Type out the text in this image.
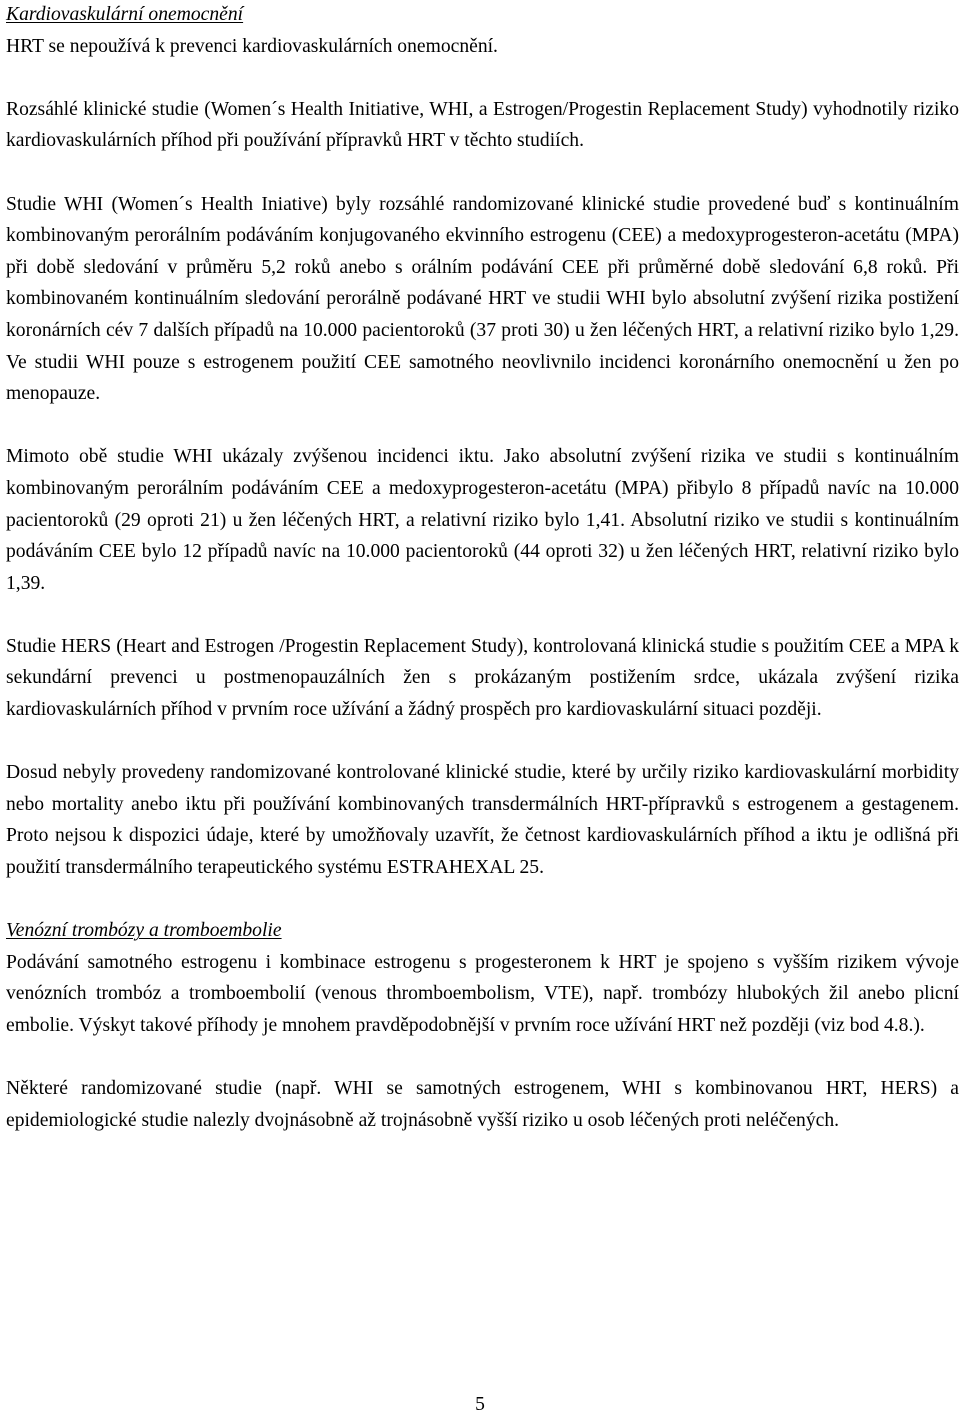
Kardiovaskulární onemocnění

HRT se nepoužívá k prevenci kardiovaskulárních onemocnění.

Rozsáhlé klinické studie (Women´s Health Initiative, WHI, a Estrogen/Progestin Replacement Study) vyhodnotily riziko kardiovaskulárních příhod při používání přípravků HRT v těchto studiích.

Studie WHI (Women´s Health Iniative) byly rozsáhlé randomizované klinické studie provedené buď s kontinuálním kombinovaným perorálním podáváním konjugovaného ekvinního estrogenu (CEE) a medoxyprogesteron-acetátu (MPA) při době sledování v průměru 5,2 roků anebo s orálním podávání CEE při průměrné době sledování 6,8 roků. Při kombinovaném kontinuálním sledování perorálně podávané HRT ve studii WHI bylo absolutní zvýšení rizika postižení koronárních cév 7 dalších případů na 10.000 pacientoroků (37 proti 30) u žen léčených HRT, a relativní riziko bylo 1,29. Ve studii WHI pouze s estrogenem použití CEE samotného neovlivnilo incidenci koronárního onemocnění u žen po menopauze.

Mimoto obě studie WHI ukázaly zvýšenou incidenci iktu. Jako absolutní zvýšení rizika ve studii s kontinuálním kombinovaným perorálním podáváním CEE a medoxyprogesteron-acetátu (MPA) přibylo 8 případů navíc na 10.000 pacientoroků (29 oproti 21) u žen léčených HRT, a relativní riziko bylo 1,41. Absolutní riziko ve studii s kontinuálním podáváním CEE bylo 12 případů navíc na 10.000 pacientoroků (44 oproti 32) u žen léčených HRT, relativní riziko bylo 1,39.

Studie HERS (Heart and Estrogen /Progestin Replacement Study), kontrolovaná klinická studie s použitím CEE a MPA k sekundární prevenci u postmenopauzálních žen s prokázaným postižením srdce, ukázala zvýšení rizika kardiovaskulárních příhod v prvním roce užívání a žádný prospěch pro kardiovaskulární situaci později.

Dosud nebyly provedeny randomizované kontrolované klinické studie, které by určily riziko kardiovaskulární morbidity nebo mortality anebo iktu při používání kombinovaných transdermálních HRT-přípravků s estrogenem a gestagenem. Proto nejsou k dispozici údaje, které by umožňovaly uzavřít, že četnost kardiovaskulárních příhod a iktu je odlišná při použití transdermálního terapeutického systému ESTRAHEXAL 25.

Venózní trombózy a tromboembolie

Podávání samotného estrogenu i kombinace estrogenu s progesteronem k HRT je spojeno s vyšším rizikem vývoje venózních trombóz a tromboembolií (venous thromboembolism, VTE), např. trombózy hlubokých žil anebo plicní embolie. Výskyt takové příhody je mnohem pravděpodobnější v prvním roce užívání HRT než později (viz bod 4.8.).

Některé randomizované studie (např. WHI se samotných estrogenem, WHI s kombinovanou HRT, HERS) a epidemiologické studie nalezly dvojnásobně až trojnásobně vyšší riziko u osob léčených proti neléčených.

5
